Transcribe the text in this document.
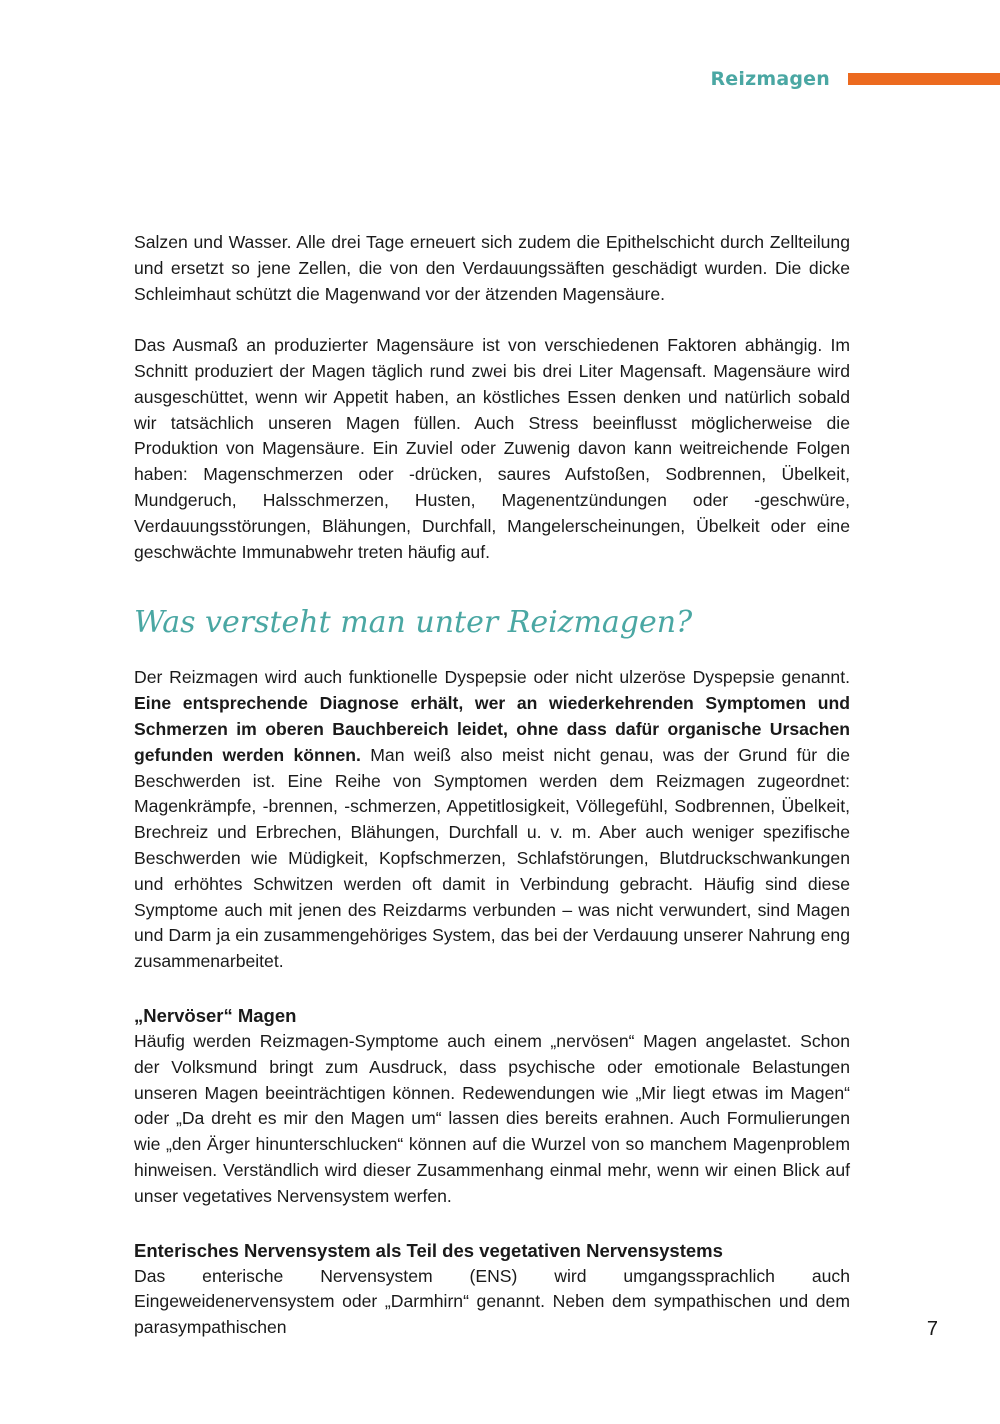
Reizmagen

Salzen und Wasser. Alle drei Tage erneuert sich zudem die Epithelschicht durch Zellteilung und ersetzt so jene Zellen, die von den Verdauungssäften geschädigt wurden. Die dicke Schleimhaut schützt die Magenwand vor der ätzenden Magensäure.

Das Ausmaß an produzierter Magensäure ist von verschiedenen Faktoren abhängig. Im Schnitt produziert der Magen täglich rund zwei bis drei Liter Magensaft. Magensäure wird ausgeschüttet, wenn wir Appetit haben, an köstliches Essen denken und natürlich sobald wir tatsächlich unseren Magen füllen. Auch Stress beeinflusst möglicherweise die Produktion von Magensäure. Ein Zuviel oder Zuwenig davon kann weitreichende Folgen haben: Magenschmerzen oder -drücken, saures Aufstoßen, Sodbrennen, Übelkeit, Mundgeruch, Halsschmerzen, Husten, Magenentzündungen oder -geschwüre, Verdauungsstörungen, Blähungen, Durchfall, Mangelerscheinungen, Übelkeit oder eine geschwächte Immunabwehr treten häufig auf.

Was versteht man unter Reizmagen?

Der Reizmagen wird auch funktionelle Dyspepsie oder nicht ulzeröse Dyspepsie genannt. Eine entsprechende Diagnose erhält, wer an wiederkehrenden Symptomen und Schmerzen im oberen Bauchbereich leidet, ohne dass dafür organische Ursachen gefunden werden können. Man weiß also meist nicht genau, was der Grund für die Beschwerden ist. Eine Reihe von Symptomen werden dem Reizmagen zugeordnet: Magenkrämpfe, -brennen, -schmerzen, Appetitlosigkeit, Völlegefühl, Sodbrennen, Übelkeit, Brechreiz und Erbrechen, Blähungen, Durchfall u. v. m. Aber auch weniger spezifische Beschwerden wie Müdigkeit, Kopfschmerzen, Schlafstörungen, Blutdruckschwankungen und erhöhtes Schwitzen werden oft damit in Verbindung gebracht. Häufig sind diese Symptome auch mit jenen des Reizdarms verbunden – was nicht verwundert, sind Magen und Darm ja ein zusammengehöriges System, das bei der Verdauung unserer Nahrung eng zusammenarbeitet.

„Nervöser“ Magen

Häufig werden Reizmagen-Symptome auch einem „nervösen“ Magen angelastet. Schon der Volksmund bringt zum Ausdruck, dass psychische oder emotionale Belastungen unseren Magen beeinträchtigen können. Redewendungen wie „Mir liegt etwas im Magen“ oder „Da dreht es mir den Magen um“ lassen dies bereits erahnen. Auch Formulierungen wie „den Ärger hinunterschlucken“ können auf die Wurzel von so manchem Magenproblem hinweisen. Verständlich wird dieser Zusammenhang einmal mehr, wenn wir einen Blick auf unser vegetatives Nervensystem werfen.

Enterisches Nervensystem als Teil des vegetativen Nervensystems

Das enterische Nervensystem (ENS) wird umgangssprachlich auch Eingeweidenervensystem oder „Darmhirn“ genannt. Neben dem sympathischen und dem parasympathischen	7
